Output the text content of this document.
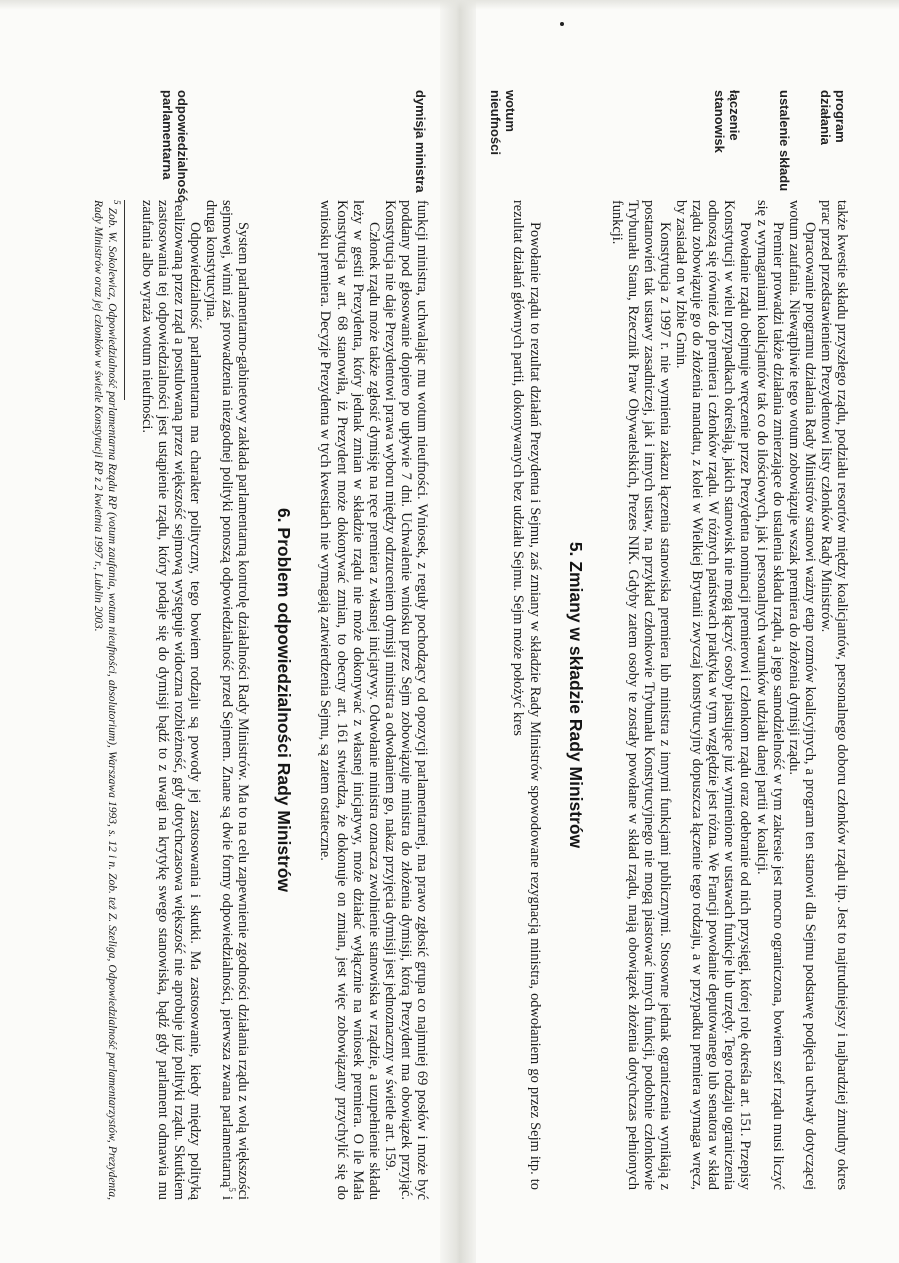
program działania
ustalenie składu
łączenie stanowisk
wotum nieufności

także kwestie składu przyszłego rządu, podziału resortów między koalicjantów, personalnego doboru członków rządu itp. Jest to najtrudniejszy i najbardziej żmudny okres prac przed przedstawieniem Prezydentowi listy członków Rady Ministrów.

Opracowanie programu działania Rady Ministrów stanowi ważny etap rozmów koalicyjnych, a program ten stanowi dla Sejmu podstawę podjęcia uchwały dotyczącej wotum zaufania. Niewątpliwie tego wotum zobowiązuje wszak premiera do złożenia dymisji rządu.

Premier prowadzi także działania zmierzające do ustalenia składu rządu, a jego samodzielność w tym zakresie jest mocno ograniczona, bowiem szef rządu musi liczyć się z wymaganiami koalicjantów tak co do ilościowych, jak i personalnych warunków udziału danej partii w koalicji.

Powołanie rządu obejmuje wręczenie przez Prezydenta nominacji premierowi i członkom rządu oraz odebranie od nich przysięgi, której rolę określa art. 151. Przepisy Konstytucji w wielu przypadkach określają, jakich stanowisk nie mogą łączyć osoby piastujące już wymienione w ustawach funkcje lub urzędy. Tego rodzaju ograniczenia odnoszą się również do premiera i członków rządu. W różnych państwach praktyka w tym względzie jest różna. We Francji powołanie deputowanego lub senatora w skład rządu zobowiązuje go do złożenia mandatu, z kolei w Wielkiej Brytanii zwyczaj konstytucyjny dopuszcza łączenie tego rodzaju, a w przypadku premiera wymaga wręcz, by zasiadał on w Izbie Gmin.

Konstytucja z 1997 r. nie wymienia zakazu łączenia stanowiska premiera lub ministra z innymi funkcjami publicznymi. Stosowne jednak ograniczenia wynikają z postanowień tak ustawy zasadniczej, jak i innych ustaw, na przykład członkowie Trybunału Konstytucyjnego nie mogą piastować innych funkcji, podobnie członkowie Trybunału Stanu, Rzecznik Praw Obywatelskich, Prezes NIK. Gdyby zatem osoby te zostały powołane w skład rządu, mają obowiązek złożenia dotychczas pełnionych funkcji.

5. Zmiany w składzie Rady Ministrów

Powołanie rządu to rezultat działań Prezydenta i Sejmu, zaś zmiany w składzie Rady Ministrów spowodowane rezygnacją ministra, odwołaniem go przez Sejm itp. to rezultat działań głównych partii, dokonywanych bez udziału Sejmu. Sejm może położyć kres

dymisja ministra
odpowiedzialność parlamentarna

funkcji ministra, uchwalając mu wotum nieufności. Wniosek, z reguły pochodzący od opozycji parlamentarnej, ma prawo zgłosić grupa co najmniej 69 posłów i może być poddany pod głosowanie dopiero po upływie 7 dni. Uchwalenie wniosku przez Sejm zobowiązuje ministra do złożenia dymisji, którą Prezydent ma obowiązek przyjąć. Konstytucja nie daje Prezydentowi prawa wyboru między odrzuceniem dymisji ministra a odwołaniem go, nakaz przyjęcia dymisji jest jednoznaczny w świetle art. 159.

Członek rządu może także zgłosić dymisję na ręce premiera z własnej inicjatywy. Odwołanie ministra oznacza zwolnienie stanowiska w rządzie, a uzupełnienie składu leży w gestii Prezydenta, który jednak zmian w składzie rządu nie może dokonywać z własnej inicjatywy, może działać wyłącznie na wniosek premiera. O ile Mała Konstytucja w art. 68 stanowiła, iż Prezydent może dokonywać zmian, to obecny art. 161 stwierdza, że dokonuje on zmian, jest więc zobowiązany przychylić się do wniosku premiera. Decyzje Prezydenta w tych kwestiach nie wymagają zatwierdzenia Sejmu, są zatem ostateczne.

6. Problem odpowiedzialności Rady Ministrów

System parlamentarno-gabinetowy zakłada parlamentarną kontrolę działalności Rady Ministrów. Ma to na celu zapewnienie zgodności działania rządu z wolą większości sejmowej, winni zaś prowadzenia niezgodnej polityki ponoszą odpowiedzialność przed Sejmem. Znane są dwie formy odpowiedzialności, pierwsza zwana parlamentarną$^5$ i druga konstytucyjna.

Odpowiedzialność parlamentarna ma charakter polityczny, tego bowiem rodzaju są powody jej zastosowania i skutki. Ma zastosowanie, kiedy między polityką realizowaną przez rząd a postulowaną przez większość sejmową występuje widoczna rozbieżność, gdy dotychczasowa większość nie aprobuje już polityki rządu. Skutkiem zastosowania tej odpowiedzialności jest ustąpienie rządu, który podaje się do dymisji bądź to z uwagi na krytykę swego stanowiska, bądź gdy parlament odmawia mu zaufania albo wyraża wotum nieufności.

$^5$ Zob. W. Sokolewicz, Odpowiedzialność parlamentarna Rządu RP (votum zaufania, wotum nieufności, absolutorium), Warszawa 1993, s. 12 i n. Zob. też Z. Szeliga, Odpowiedzialność parlamentarzystów, Prezydenta, Rady Ministrów oraz jej członków w świetle Konstytucji RP z 2 kwietnia 1997 r., Lublin 2003.
